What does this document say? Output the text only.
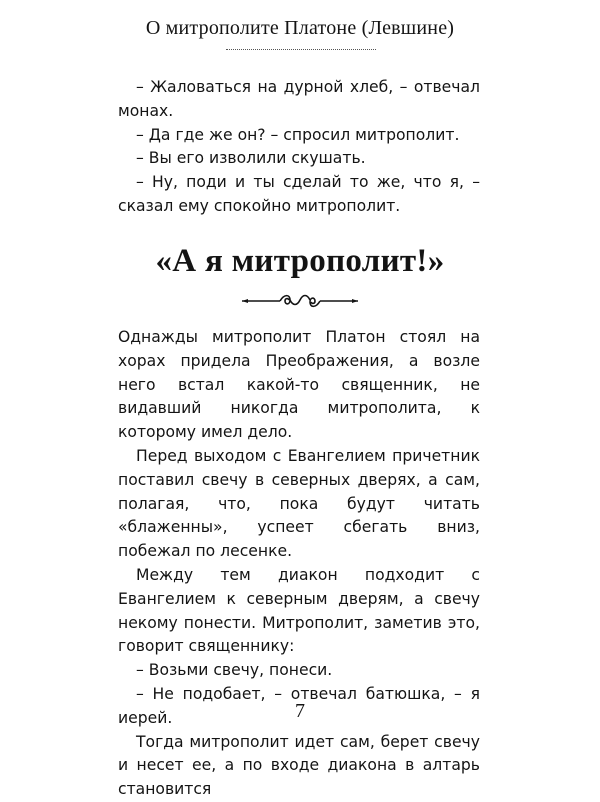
О митрополите Платоне (Левшине)

– Жаловаться на дурной хлеб, – отвечал монах.

– Да где же он? – спросил митрополит.

– Вы его изволили скушать.

– Ну, поди и ты сделай то же, что я, – сказал ему спокойно митрополит.

«А я митрополит!»

Однажды митрополит Платон стоял на хорах придела Преображения, а возле него встал какой-то священник, не видавший никогда митрополита, к которому имел дело.

Перед выходом с Евангелием причетник поставил свечу в северных дверях, а сам, полагая, что, пока будут читать «блаженны», успеет сбегать вниз, побежал по лесенке.

Между тем диакон подходит с Евангелием к северным дверям, а свечу некому понести. Митрополит, заметив это, говорит священнику:

– Возьми свечу, понеси.

– Не подобает, – отвечал батюшка, – я иерей.

Тогда митрополит идет сам, берет свечу и несет ее, а по входе диакона в алтарь становится

7
